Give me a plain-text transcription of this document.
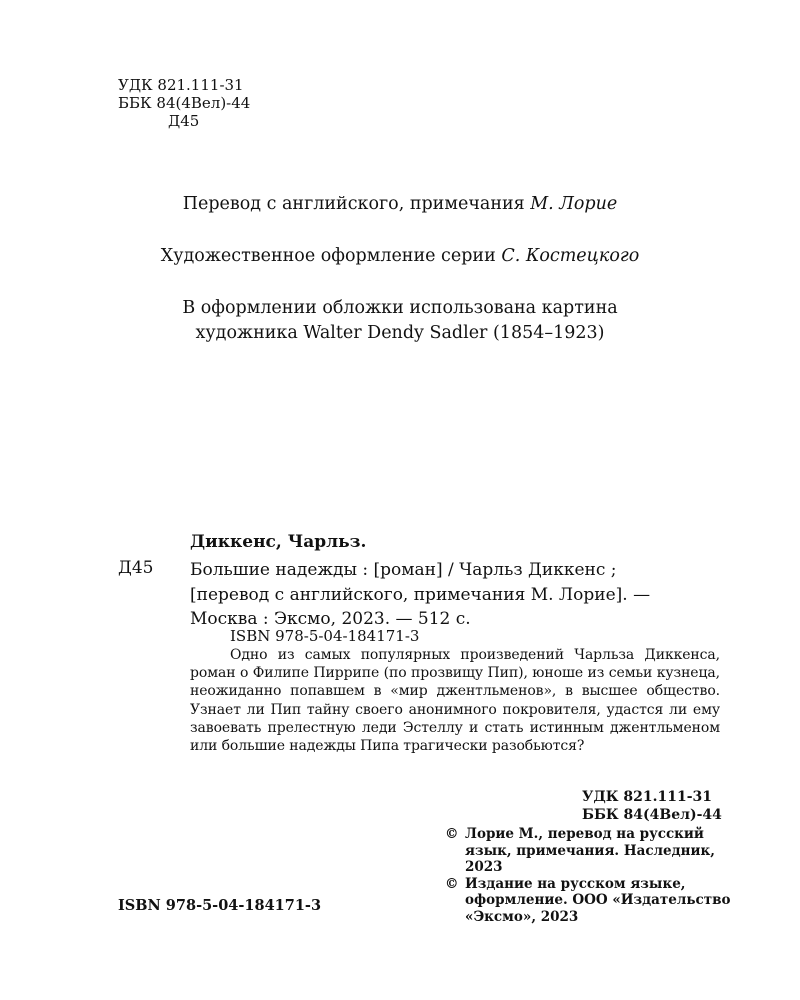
УДК 821.111-31
ББК 84(4Вел)-44
Д45
Перевод с английского, примечания М. Лорие
Художественное оформление серии С. Костецкого
В оформлении обложки использована картина
художника Walter Dendy Sadler (1854–1923)
Диккенс, Чарльз.
Д45 Большие надежды : [роман] / Чарльз Диккенс ;
[перевод с английского, примечания М. Лорие]. —
Москва : Эксмо, 2023. — 512 с.
ISBN 978-5-04-184171-3
Одно из самых популярных произведений Чарльза Диккенса, роман о Филипе Пиррипе (по прозвищу Пип), юноше из семьи кузнеца, неожиданно попавшем в «мир джентльменов», в высшее общество. Узнает ли Пип тайну своего анонимного покровителя, удастся ли ему завоевать прелестную леди Эстеллу и стать истинным джентльменом или большие надежды Пипа трагически разобьются?
УДК 821.111-31
ББК 84(4Вел)-44
© Лорие М., перевод на русский язык, примечания. Наследник, 2023
© Издание на русском языке, оформление. ООО «Издательство «Эксмо», 2023
ISBN 978-5-04-184171-3
